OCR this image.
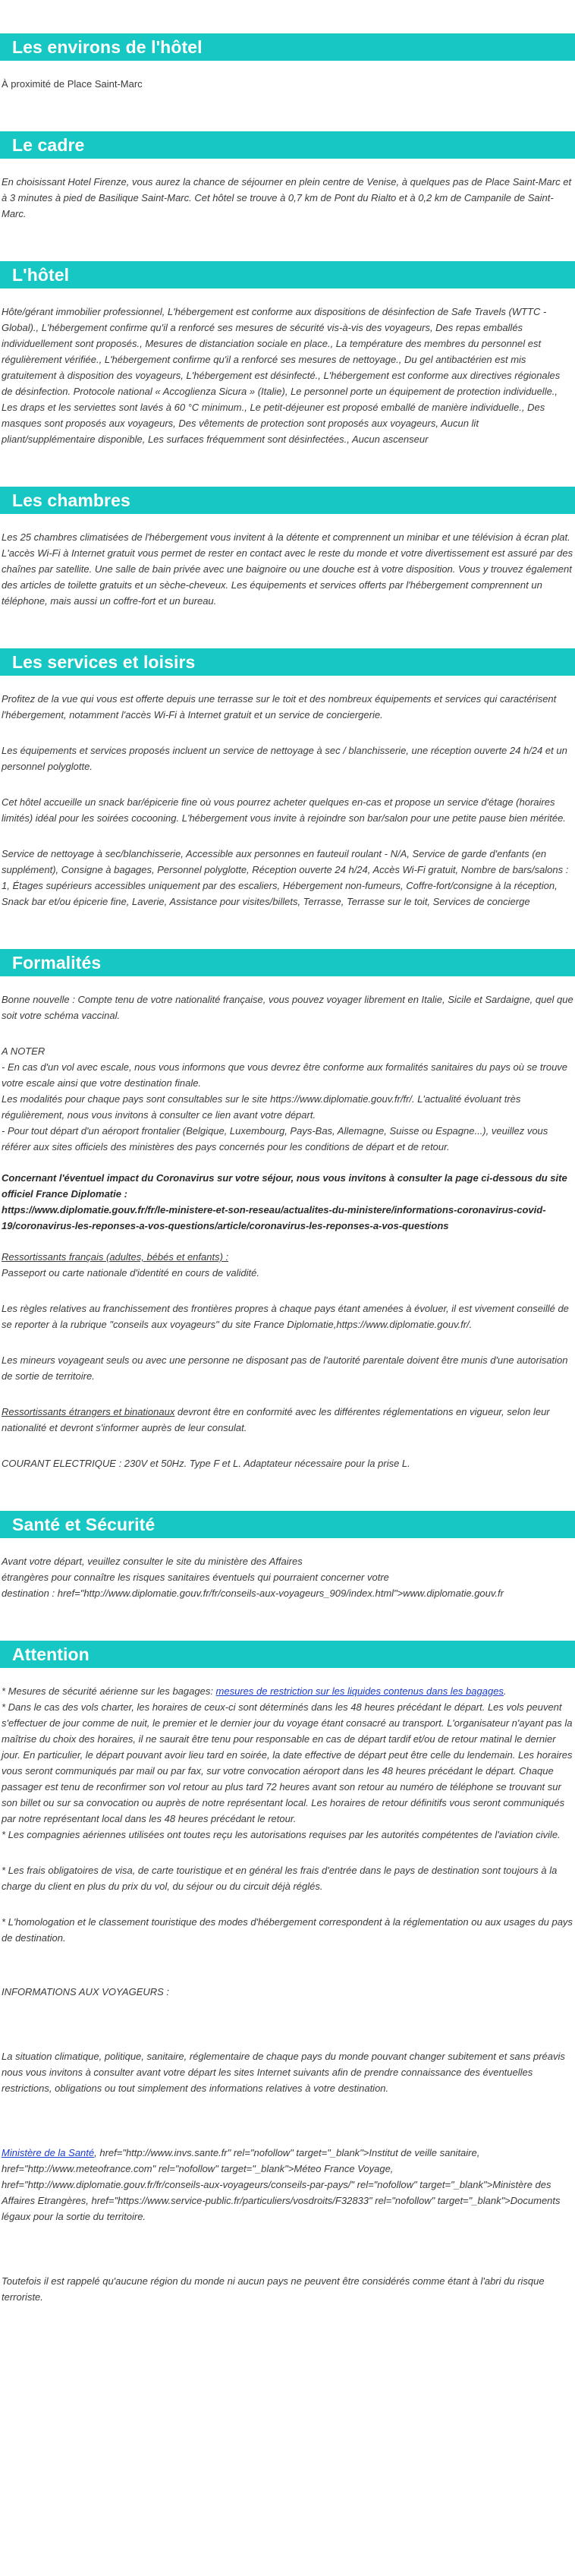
Les environs de l'hôtel

À proximité de Place Saint-Marc

Le cadre

En choisissant Hotel Firenze, vous aurez la chance de séjourner en plein centre de Venise, à quelques pas de Place Saint-Marc et à 3 minutes à pied de Basilique Saint-Marc. Cet hôtel se trouve à 0,7 km de Pont du Rialto et à 0,2 km de Campanile de Saint-Marc.

L'hôtel

Hôte/gérant immobilier professionnel, L'hébergement est conforme aux dispositions de désinfection de Safe Travels (WTTC - Global)., L'hébergement confirme qu'il a renforcé ses mesures de sécurité vis-à-vis des voyageurs, Des repas emballés individuellement sont proposés., Mesures de distanciation sociale en place., La température des membres du personnel est régulièrement vérifiée., L'hébergement confirme qu'il a renforcé ses mesures de nettoyage., Du gel antibactérien est mis gratuitement à disposition des voyageurs, L'hébergement est désinfecté., L'hébergement est conforme aux directives régionales de désinfection. Protocole national « Accoglienza Sicura » (Italie), Le personnel porte un équipement de protection individuelle., Les draps et les serviettes sont lavés à 60 °C minimum., Le petit-déjeuner est proposé emballé de manière individuelle., Des masques sont proposés aux voyageurs, Des vêtements de protection sont proposés aux voyageurs, Aucun lit pliant/supplémentaire disponible, Les surfaces fréquemment sont désinfectées., Aucun ascenseur

Les chambres

Les 25 chambres climatisées de l'hébergement vous invitent à la détente et comprennent un minibar et une télévision à écran plat. L'accès Wi-Fi à Internet gratuit vous permet de rester en contact avec le reste du monde et votre divertissement est assuré par des chaînes par satellite. Une salle de bain privée avec une baignoire ou une douche est à votre disposition. Vous y trouvez également des articles de toilette gratuits et un sèche-cheveux. Les équipements et services offerts par l'hébergement comprennent un téléphone, mais aussi un coffre-fort et un bureau.

Les services et loisirs

Profitez de la vue qui vous est offerte depuis une terrasse sur le toit et des nombreux équipements et services qui caractérisent l'hébergement, notamment l'accès Wi-Fi à Internet gratuit et un service de conciergerie.

Les équipements et services proposés incluent un service de nettoyage à sec / blanchisserie, une réception ouverte 24 h/24 et un personnel polyglotte.

Cet hôtel accueille un snack bar/épicerie fine où vous pourrez acheter quelques en-cas et propose un service d'étage (horaires limités) idéal pour les soirées cocooning. L'hébergement vous invite à rejoindre son bar/salon pour une petite pause bien méritée.

Service de nettoyage à sec/blanchisserie, Accessible aux personnes en fauteuil roulant - N/A, Service de garde d'enfants (en supplément), Consigne à bagages, Personnel polyglotte, Réception ouverte 24 h/24, Accès Wi-Fi gratuit, Nombre de bars/salons : 1, Étages supérieurs accessibles uniquement par des escaliers, Hébergement non-fumeurs, Coffre-fort/consigne à la réception, Snack bar et/ou épicerie fine, Laverie, Assistance pour visites/billets, Terrasse, Terrasse sur le toit, Services de concierge

Formalités

Bonne nouvelle : Compte tenu de votre nationalité française, vous pouvez voyager librement en Italie, Sicile et Sardaigne, quel que soit votre schéma vaccinal.

A NOTER
- En cas d'un vol avec escale, nous vous informons que vous devrez être conforme aux formalités sanitaires du pays où se trouve votre escale ainsi que votre destination finale.
Les modalités pour chaque pays sont consultables sur le site https://www.diplomatie.gouv.fr/fr/. L'actualité évoluant très régulièrement, nous vous invitons à consulter ce lien avant votre départ.
- Pour tout départ d'un aéroport frontalier (Belgique, Luxembourg, Pays-Bas, Allemagne, Suisse ou Espagne...), veuillez vous référer aux sites officiels des ministères des pays concernés pour les conditions de départ et de retour.

Concernant l'éventuel impact du Coronavirus sur votre séjour, nous vous invitons à consulter la page ci-dessous du site officiel France Diplomatie :
https://www.diplomatie.gouv.fr/fr/le-ministere-et-son-reseau/actualites-du-ministere/informations-coronavirus-covid-19/coronavirus-les-reponses-a-vos-questions/article/coronavirus-les-reponses-a-vos-questions

Ressortissants français (adultes, bébés et enfants) :
Passeport ou carte nationale d'identité en cours de validité.

Les règles relatives au franchissement des frontières propres à chaque pays étant amenées à évoluer, il est vivement conseillé de se reporter à la rubrique "conseils aux voyageurs" du site France Diplomatie,https://www.diplomatie.gouv.fr/.

Les mineurs voyageant seuls ou avec une personne ne disposant pas de l'autorité parentale doivent être munis d'une autorisation de sortie de territoire.

Ressortissants étrangers et binationaux devront être en conformité avec les différentes réglementations en vigueur, selon leur nationalité et devront s'informer auprès de leur consulat.

COURANT ELECTRIQUE : 230V et 50Hz. Type F et L. Adaptateur nécessaire pour la prise L.

Santé et Sécurité

Avant votre départ, veuillez consulter le site du ministère des Affaires
étrangères pour connaître les risques sanitaires éventuels qui pourraient concerner votre
destination : href="http://www.diplomatie.gouv.fr/fr/conseils-aux-voyageurs_909/index.html">www.diplomatie.gouv.fr

Attention

* Mesures de sécurité aérienne sur les bagages: mesures de restriction sur les liquides contenus dans les bagages.
* Dans le cas des vols charter, les horaires de ceux-ci sont déterminés dans les 48 heures précédant le départ. Les vols peuvent s'effectuer de jour comme de nuit, le premier et le dernier jour du voyage étant consacré au transport. L'organisateur n'ayant pas la maîtrise du choix des horaires, il ne saurait être tenu pour responsable en cas de départ tardif et/ou de retour matinal le dernier jour. En particulier, le départ pouvant avoir lieu tard en soirée, la date effective de départ peut être celle du lendemain. Les horaires vous seront communiqués par mail ou par fax, sur votre convocation aéroport dans les 48 heures précédant le départ. Chaque passager est tenu de reconfirmer son vol retour au plus tard 72 heures avant son retour au numéro de téléphone se trouvant sur son billet ou sur sa convocation ou auprès de notre représentant local. Les horaires de retour définitifs vous seront communiqués par notre représentant local dans les 48 heures précédant le retour.
* Les compagnies aériennes utilisées ont toutes reçu les autorisations requises par les autorités compétentes de l'aviation civile.

* Les frais obligatoires de visa, de carte touristique et en général les frais d'entrée dans le pays de destination sont toujours à la charge du client en plus du prix du vol, du séjour ou du circuit déjà réglés.

* L'homologation et le classement touristique des modes d'hébergement correspondent à la réglementation ou aux usages du pays de destination.

INFORMATIONS AUX VOYAGEURS :

La situation climatique, politique, sanitaire, réglementaire de chaque pays du monde pouvant changer subitement et sans préavis
nous vous invitons à consulter avant votre départ les sites Internet suivants afin de prendre connaissance des éventuelles restrictions, obligations ou tout simplement des informations relatives à votre destination.

Ministère de la Santé, href="http://www.invs.sante.fr" rel="nofollow" target="_blank">Institut de veille sanitaire, href="http://www.meteofrance.com" rel="nofollow" target="_blank">Méteo France Voyage, href="http://www.diplomatie.gouv.fr/fr/conseils-aux-voyageurs/conseils-par-pays/" rel="nofollow" target="_blank">Ministère des Affaires Etrangères, href="https://www.service-public.fr/particuliers/vosdroits/F32833" rel="nofollow" target="_blank">Documents légaux pour la sortie du territoire.

Toutefois il est rappelé qu'aucune région du monde ni aucun pays ne peuvent être considérés comme étant à l'abri du risque terroriste.
